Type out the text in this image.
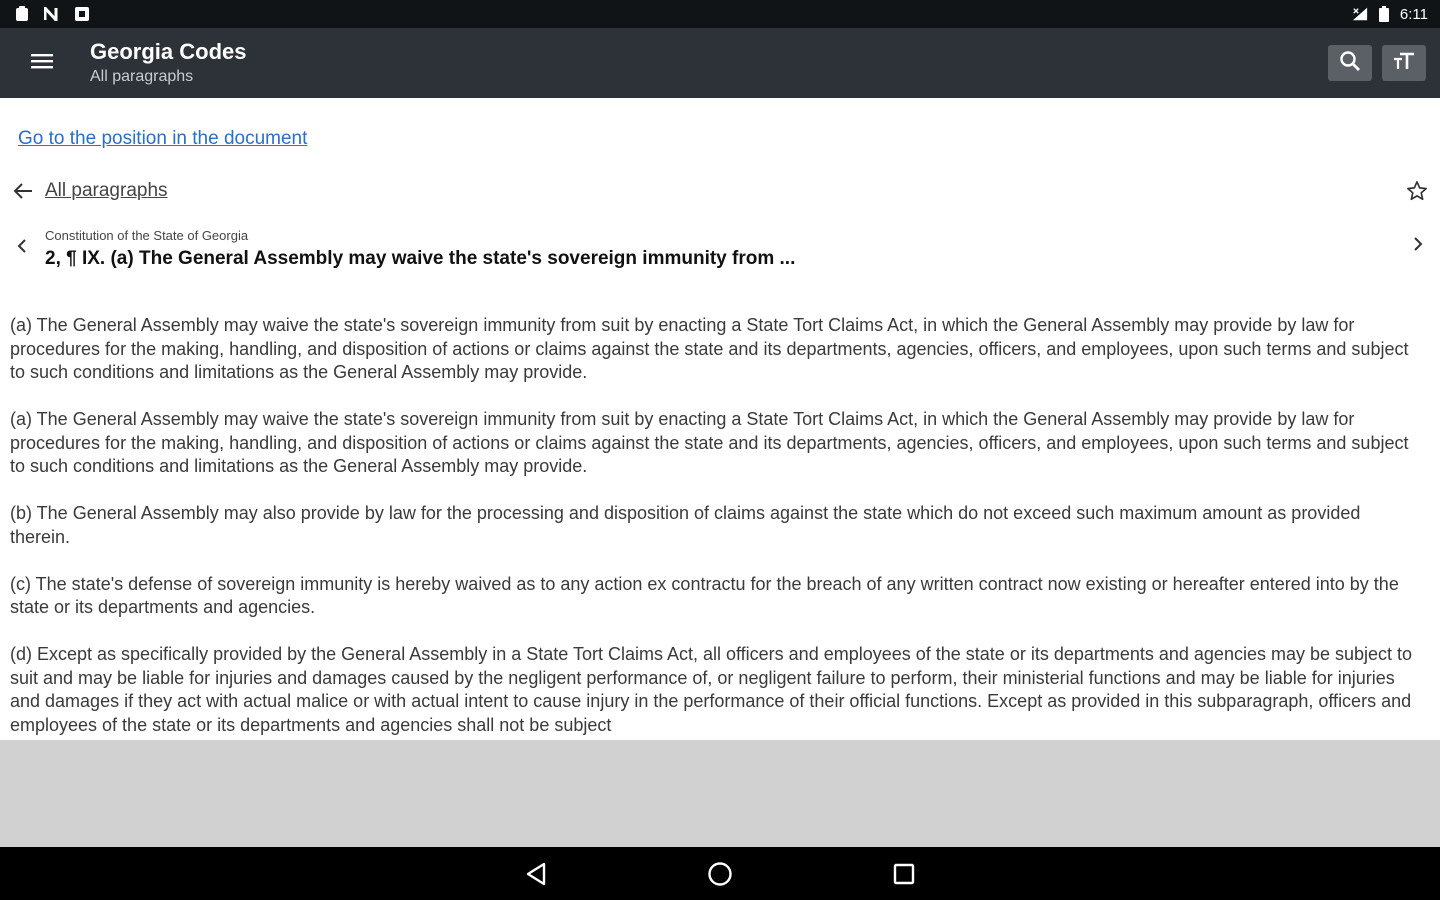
6:11
Georgia Codes
All paragraphs
Go to the position in the document
All paragraphs
Constitution of the State of Georgia
2, ¶ IX. (a) The General Assembly may waive the state's sovereign immunity from ...

(a) The General Assembly may waive the state's sovereign immunity from suit by enacting a State Tort Claims Act, in which the General Assembly may provide by law for procedures for the making, handling, and disposition of actions or claims against the state and its departments, agencies, officers, and employees, upon such terms and subject to such conditions and limitations as the General Assembly may provide.

(a) The General Assembly may waive the state's sovereign immunity from suit by enacting a State Tort Claims Act, in which the General Assembly may provide by law for procedures for the making, handling, and disposition of actions or claims against the state and its departments, agencies, officers, and employees, upon such terms and subject to such conditions and limitations as the General Assembly may provide.

(b) The General Assembly may also provide by law for the processing and disposition of claims against the state which do not exceed such maximum amount as provided therein.

(c) The state's defense of sovereign immunity is hereby waived as to any action ex contractu for the breach of any written contract now existing or hereafter entered into by the state or its departments and agencies.

(d) Except as specifically provided by the General Assembly in a State Tort Claims Act, all officers and employees of the state or its departments and agencies may be subject to suit and may be liable for injuries and damages caused by the negligent performance of, or negligent failure to perform, their ministerial functions and may be liable for injuries and damages if they act with actual malice or with actual intent to cause injury in the performance of their official functions. Except as provided in this subparagraph, officers and employees of the state or its departments and agencies shall not be subject
